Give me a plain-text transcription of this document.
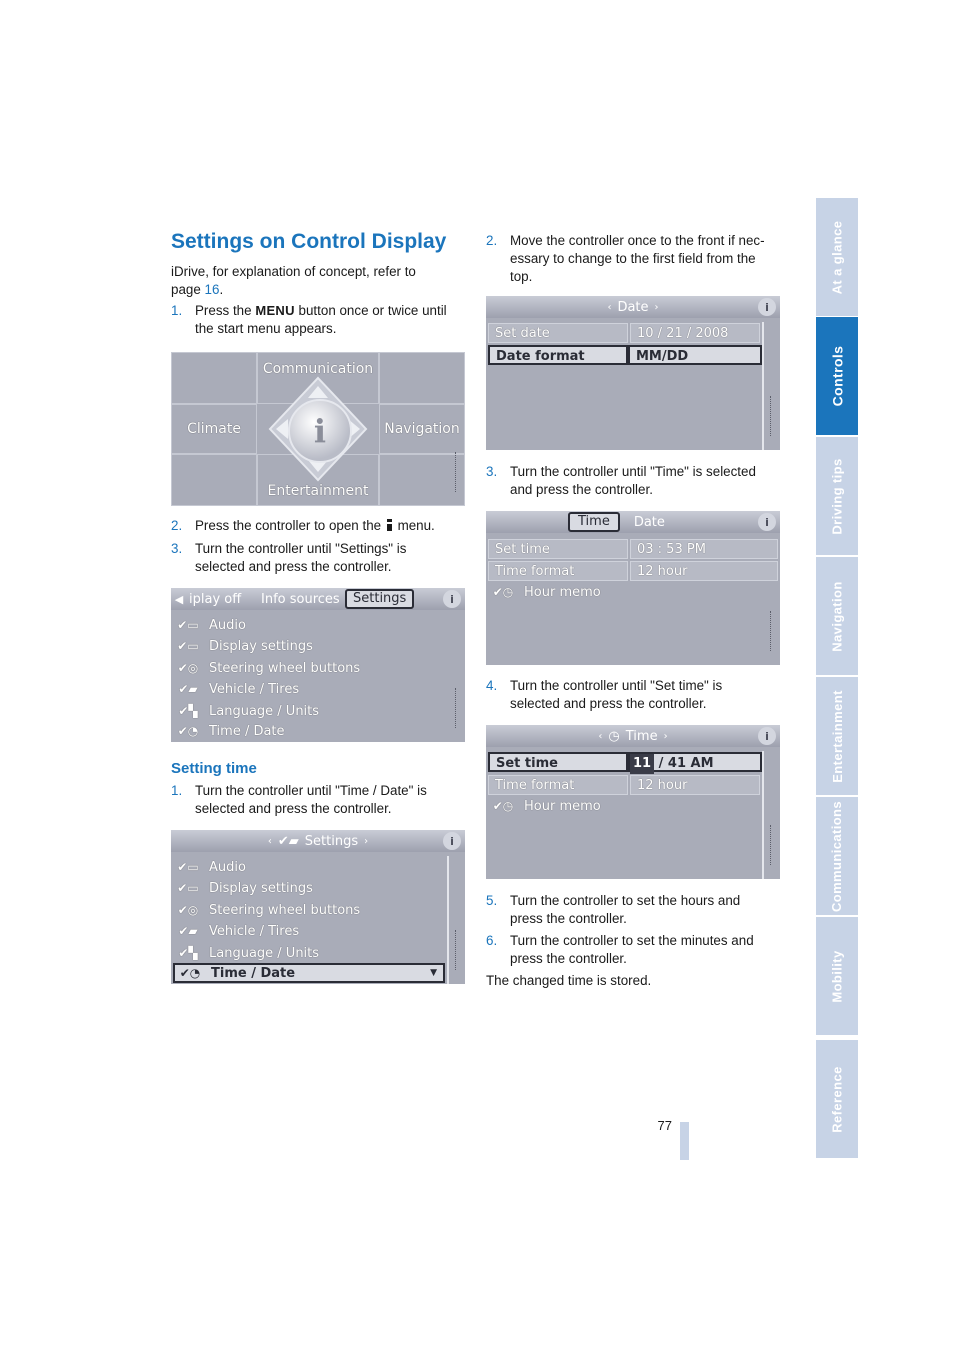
At a glance
Controls
Driving tips
Navigation
Entertainment
Communications
Mobility
Reference
Settings on Control Display
iDrive, for explanation of concept, refer to
page 16.
1. Press the MENU button once or twice until
the start menu appears.
Communication
Climate	Navigation
Entertainment
i
2. Press the controller to open the menu.
3. Turn the controller until "Settings" is
selected and press the controller.
◀ iplay off	Info sources	Settings	i
✔▭ Audio
✔▭ Display settings
✔◎ Steering wheel buttons
✔▰ Vehicle / Tires
✔▚ Language / Units
✔◔ Time / Date
Setting time
1. Turn the controller until "Time / Date" is
selected and press the controller.
‹ ✔▰ Settings ›	i
✔▭ Audio
✔▭ Display settings
✔◎ Steering wheel buttons
✔▰ Vehicle / Tires
✔▚ Language / Units
✔◔ Time / Date	▼
2. Move the controller once to the front if nec-
essary to change to the first field from the
top.
‹ Date ›	i
Set date	10 / 21 / 2008
Date format	MM/DD
3. Turn the controller until "Time" is selected
and press the controller.
Time	Date	i
Set time	03 : 53 PM
Time format	12 hour
✔◷ Hour memo
4. Turn the controller until "Set time" is
selected and press the controller.
‹ ◷ Time ›	i
Set time	11 / 41 AM
Time format	12 hour
✔◷ Hour memo
5. Turn the controller to set the hours and
press the controller.
6. Turn the controller to set the minutes and
press the controller.
The changed time is stored.
77
